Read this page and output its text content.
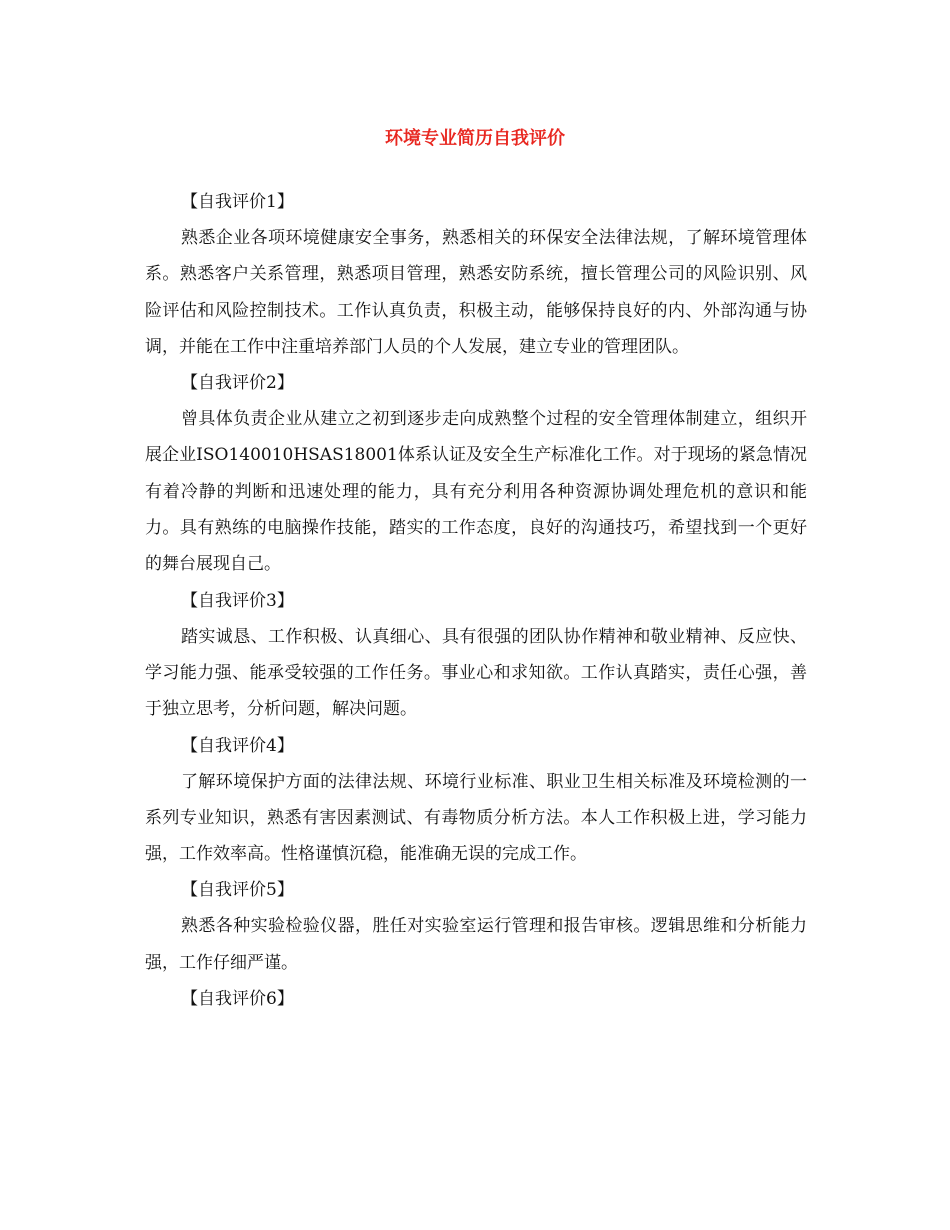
环境专业简历自我评价
【自我评价1】

熟悉企业各项环境健康安全事务，熟悉相关的环保安全法律法规，了解环境管理体系。熟悉客户关系管理，熟悉项目管理，熟悉安防系统，擅长管理公司的风险识别、风险评估和风险控制技术。工作认真负责，积极主动，能够保持良好的内、外部沟通与协调，并能在工作中注重培养部门人员的个人发展，建立专业的管理团队。

【自我评价2】

曾具体负责企业从建立之初到逐步走向成熟整个过程的安全管理体制建立，组织开展企业ISO140010HSAS18001体系认证及安全生产标准化工作。对于现场的紧急情况有着冷静的判断和迅速处理的能力，具有充分利用各种资源协调处理危机的意识和能力。具有熟练的电脑操作技能，踏实的工作态度，良好的沟通技巧，希望找到一个更好的舞台展现自己。

【自我评价3】

踏实诚恳、工作积极、认真细心、具有很强的团队协作精神和敬业精神、反应快、学习能力强、能承受较强的工作任务。事业心和求知欲。工作认真踏实，责任心强，善于独立思考，分析问题，解决问题。

【自我评价4】

了解环境保护方面的法律法规、环境行业标准、职业卫生相关标准及环境检测的一系列专业知识，熟悉有害因素测试、有毒物质分析方法。本人工作积极上进，学习能力强，工作效率高。性格谨慎沉稳，能准确无误的完成工作。

【自我评价5】

熟悉各种实验检验仪器，胜任对实验室运行管理和报告审核。逻辑思维和分析能力强，工作仔细严谨。

【自我评价6】
